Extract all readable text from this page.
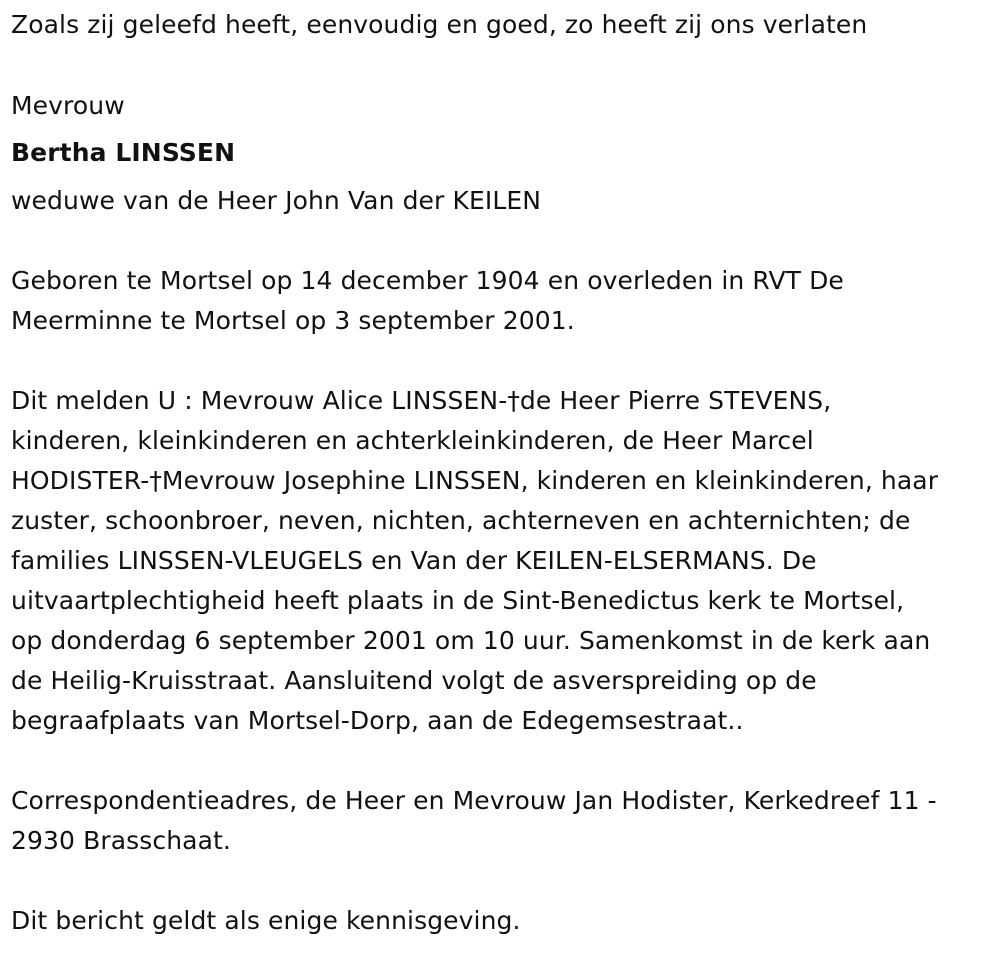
Zoals zij geleefd heeft, eenvoudig en goed, zo heeft zij ons verlaten
Mevrouw
Bertha LINSSEN
weduwe van de Heer John Van der KEILEN
Geboren te Mortsel op 14 december 1904 en overleden in RVT De
Meerminne te Mortsel op 3 september 2001.
Dit melden U : Mevrouw Alice LINSSEN-†de Heer Pierre STEVENS,
kinderen, kleinkinderen en achterkleinkinderen, de Heer Marcel
HODISTER-†Mevrouw Josephine LINSSEN, kinderen en kleinkinderen, haar
zuster, schoonbroer, neven, nichten, achterneven en achternichten; de
families LINSSEN-VLEUGELS en Van der KEILEN-ELSERMANS. De
uitvaartplechtigheid heeft plaats in de Sint-Benedictus kerk te Mortsel,
op donderdag 6 september 2001 om 10 uur. Samenkomst in de kerk aan
de Heilig-Kruisstraat. Aansluitend volgt de asverspreiding op de
begraafplaats van Mortsel-Dorp, aan de Edegemsestraat..
Correspondentieadres, de Heer en Mevrouw Jan Hodister, Kerkedreef 11 -
2930 Brasschaat.
Dit bericht geldt als enige kennisgeving.
